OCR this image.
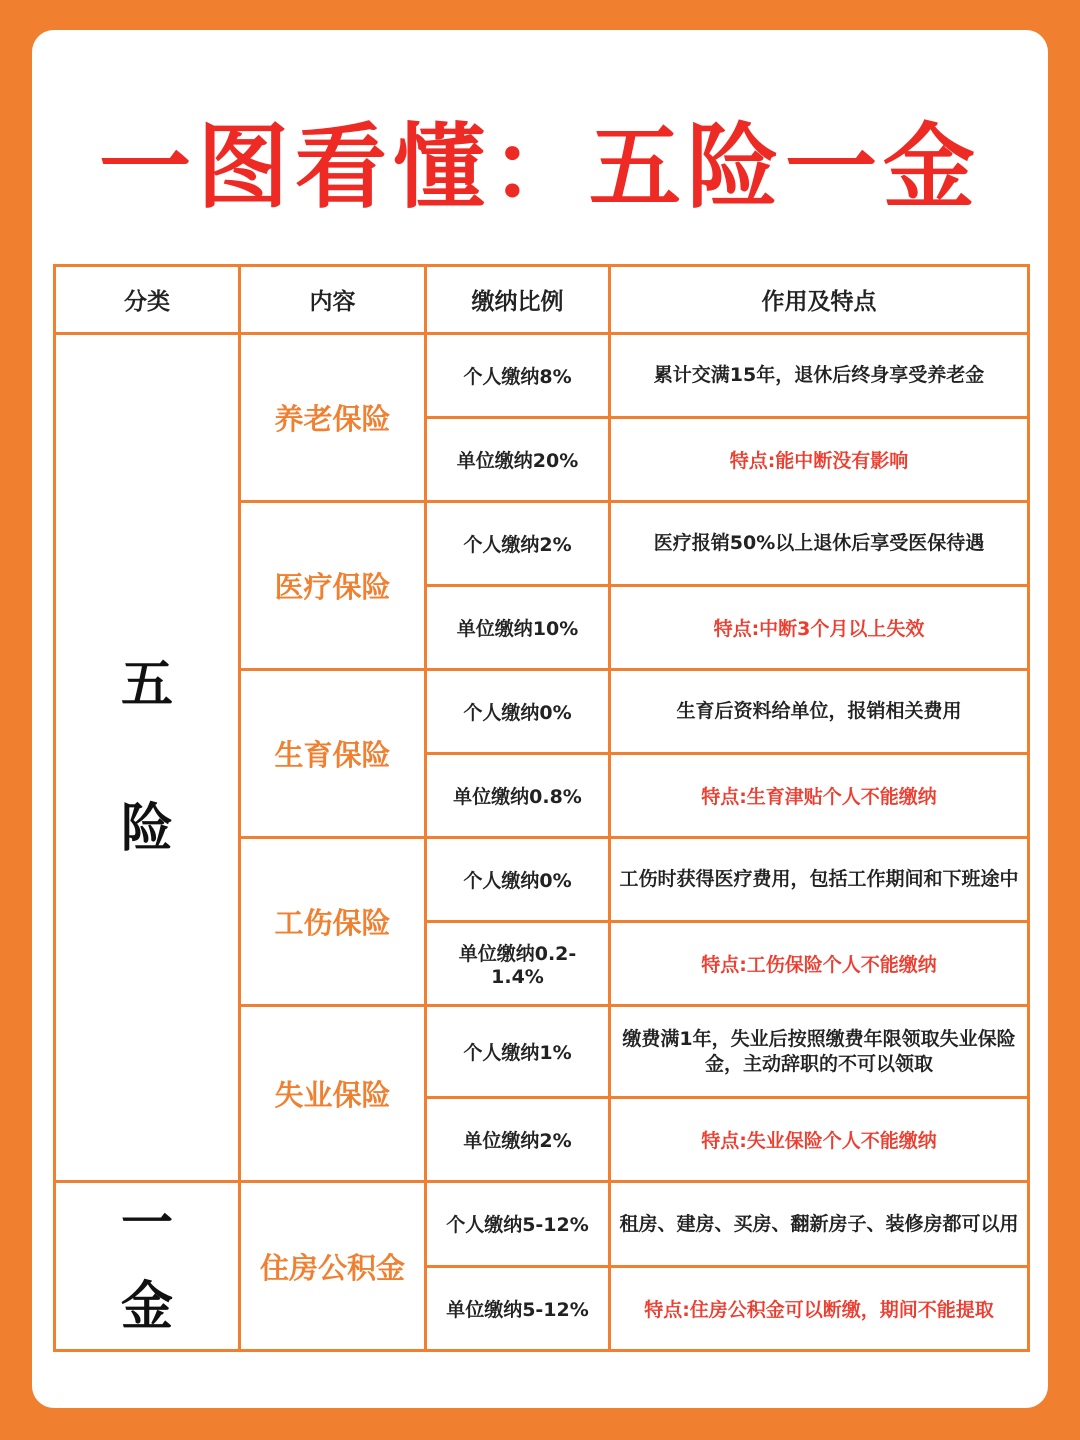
一图看懂：五险一金
分类	内容	缴纳比例	作用及特点

五
险	养老保险	个人缴纳8%	累计交满15年，退休后终身享受养老金
		单位缴纳20%	特点:能中断没有影响
	医疗保险	个人缴纳2%	医疗报销50%以上退休后享受医保待遇
		单位缴纳10%	特点:中断3个月以上失效
	生育保险	个人缴纳0%	生育后资料给单位，报销相关费用
		单位缴纳0.8%	特点:生育津贴个人不能缴纳
	工伤保险	个人缴纳0%	工伤时获得医疗费用，包括工作期间和下班途中
		单位缴纳0.2-1.4%	特点:工伤保险个人不能缴纳
	失业保险	个人缴纳1%	缴费满1年，失业后按照缴费年限领取失业保险金，主动辞职的不可以领取
		单位缴纳2%	特点:失业保险个人不能缴纳

一
金	住房公积金	个人缴纳5-12%	租房、建房、买房、翻新房子、装修房都可以用
		单位缴纳5-12%	特点:住房公积金可以断缴，期间不能提取
